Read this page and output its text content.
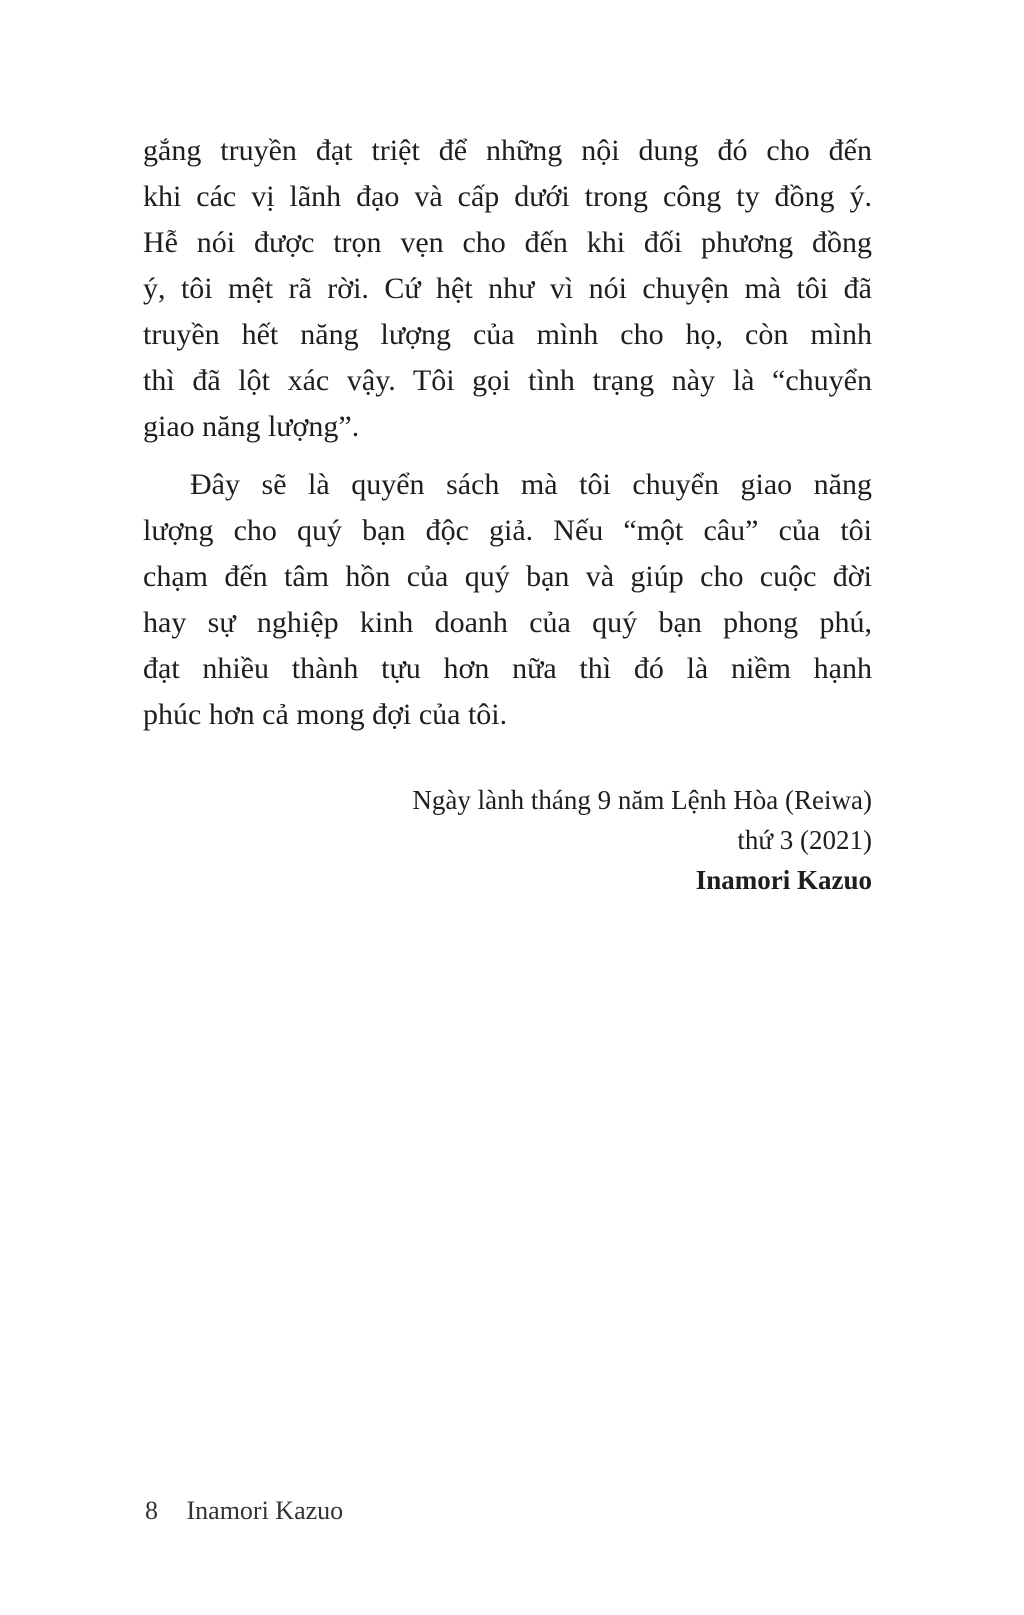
gắng truyền đạt triệt để những nội dung đó cho đến
khi các vị lãnh đạo và cấp dưới trong công ty đồng ý.
Hễ nói được trọn vẹn cho đến khi đối phương đồng
ý, tôi mệt rã rời. Cứ hệt như vì nói chuyện mà tôi đã
truyền hết năng lượng của mình cho họ, còn mình
thì đã lột xác vậy. Tôi gọi tình trạng này là “chuyển
giao năng lượng”.
Đây sẽ là quyển sách mà tôi chuyển giao năng
lượng cho quý bạn độc giả. Nếu “một câu” của tôi
chạm đến tâm hồn của quý bạn và giúp cho cuộc đời
hay sự nghiệp kinh doanh của quý bạn phong phú,
đạt nhiều thành tựu hơn nữa thì đó là niềm hạnh
phúc hơn cả mong đợi của tôi.
Ngày lành tháng 9 năm Lệnh Hòa (Reiwa)
thứ 3 (2021)
Inamori Kazuo
8 Inamori Kazuo
